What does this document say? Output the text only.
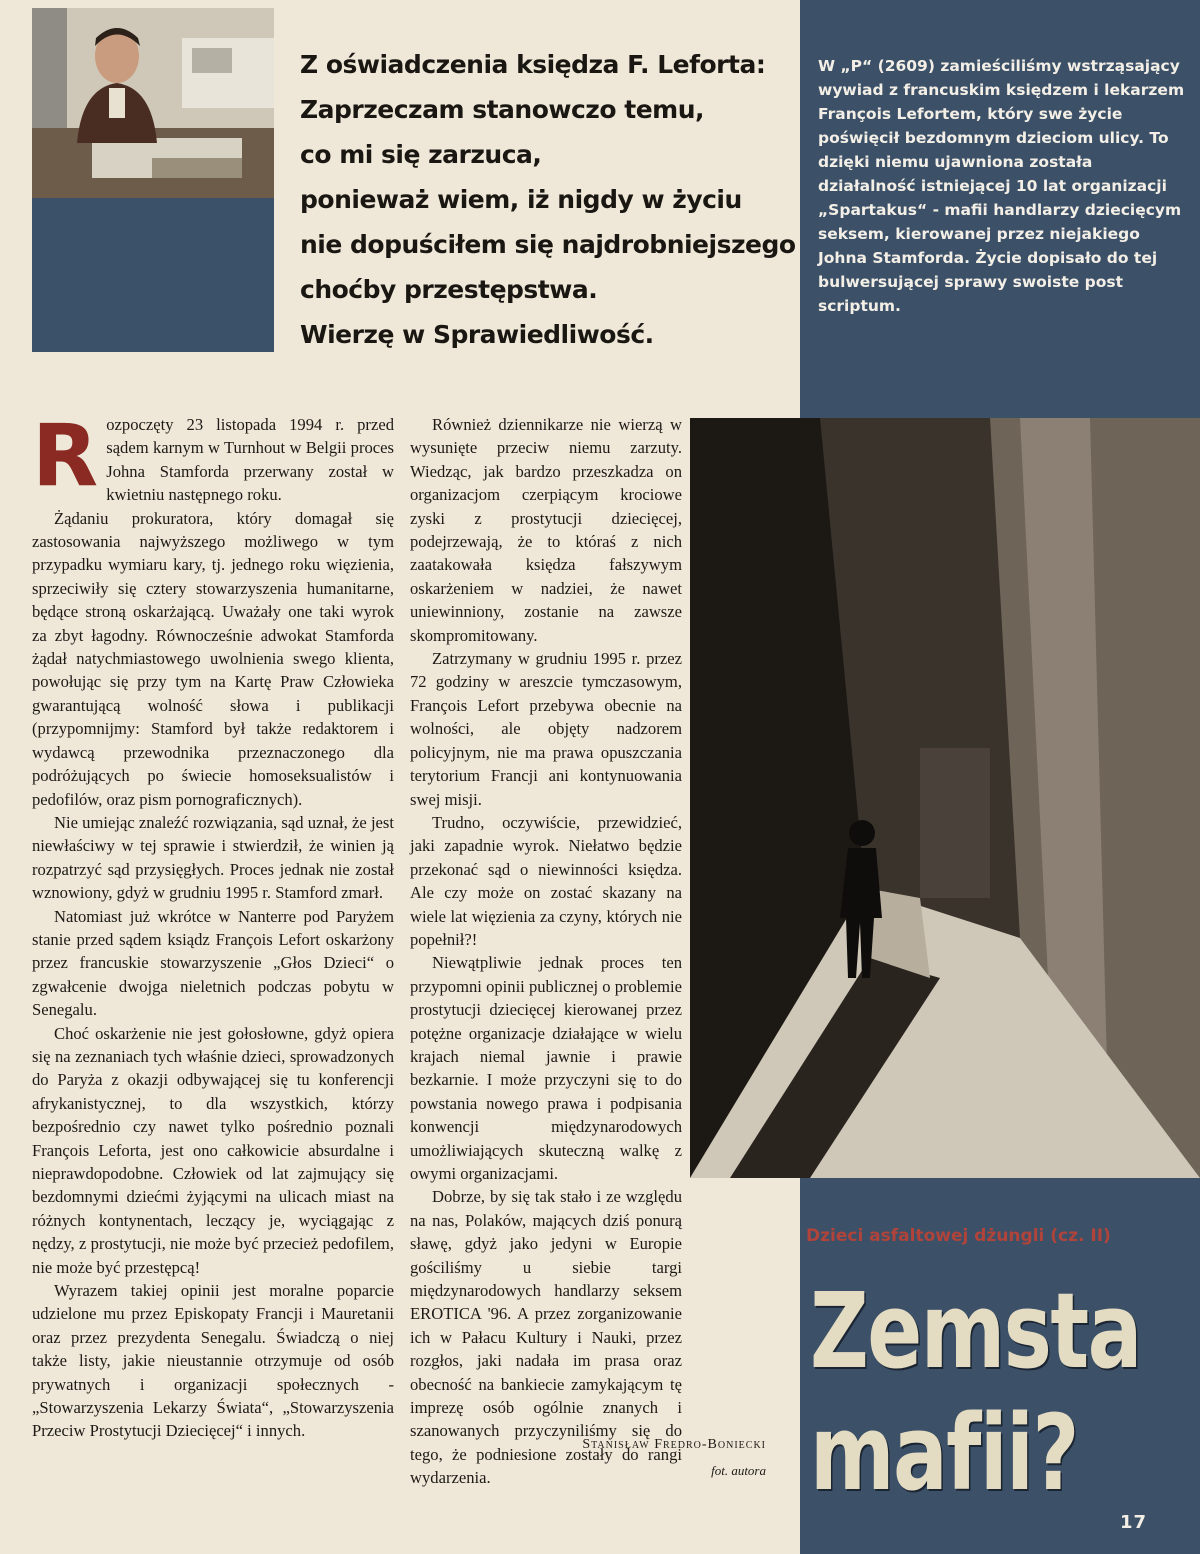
Z oświadczenia księdza F. Leforta:
Zaprzeczam stanowczo temu,
co mi się zarzuca,
ponieważ wiem, iż nigdy w życiu
nie dopuściłem się najdrobniejszego
choćby przestępstwa.
Wierzę w Sprawiedliwość.

W „P“ (2609) zamieściliśmy wstrząsający wywiad z francuskim księdzem i lekarzem François Lefortem, który swe życie poświęcił bezdomnym dzieciom ulicy. To dzięki niemu ujawniona została działalność istniejącej 10 lat organizacji „Spartakus“ - mafii handlarzy dziecięcym seksem, kierowanej przez niejakiego Johna Stamforda. Życie dopisało do tej bulwersującej sprawy swoiste post scriptum.

Rozpoczęty 23 listopada 1994 r. przed sądem karnym w Turnhout w Belgii proces Johna Stamforda przerwany został w kwietniu następnego roku.

Żądaniu prokuratora, który domagał się zastosowania najwyższego możliwego w tym przypadku wymiaru kary, tj. jednego roku więzienia, sprzeciwiły się cztery stowarzyszenia humanitarne, będące stroną oskarżającą. Uważały one taki wyrok za zbyt łagodny. Równocześnie adwokat Stamforda żądał natychmiastowego uwolnienia swego klienta, powołując się przy tym na Kartę Praw Człowieka gwarantującą wolność słowa i publikacji (przypomnijmy: Stamford był także redaktorem i wydawcą przewodnika przeznaczonego dla podróżujących po świecie homoseksualistów i pedofilów, oraz pism pornograficznych).

Nie umiejąc znaleźć rozwiązania, sąd uznał, że jest niewłaściwy w tej sprawie i stwierdził, że winien ją rozpatrzyć sąd przysięgłych. Proces jednak nie został wznowiony, gdyż w grudniu 1995 r. Stamford zmarł.

Natomiast już wkrótce w Nanterre pod Paryżem stanie przed sądem ksiądz François Lefort oskarżony przez francuskie stowarzyszenie „Głos Dzieci“ o zgwałcenie dwojga nieletnich podczas pobytu w Senegalu.

Choć oskarżenie nie jest gołosłowne, gdyż opiera się na zeznaniach tych właśnie dzieci, sprowadzonych do Paryża z okazji odbywającej się tu konferencji afrykanistycznej, to dla wszystkich, którzy bezpośrednio czy nawet tylko pośrednio poznali François Leforta, jest ono całkowicie absurdalne i nieprawdopodobne. Człowiek od lat zajmujący się bezdomnymi dziećmi żyjącymi na ulicach miast na różnych kontynentach, leczący je, wyciągając z nędzy, z prostytucji, nie może być przecież pedofilem, nie może być przestępcą!

Wyrazem takiej opinii jest moralne poparcie udzielone mu przez Episkopaty Francji i Mauretanii oraz przez prezydenta Senegalu. Świadczą o niej także listy, jakie nieustannie otrzymuje od osób prywatnych i organizacji społecznych - „Stowarzyszenia Lekarzy Świata“, „Stowarzyszenia Przeciw Prostytucji Dziecięcej“ i innych.

Również dziennikarze nie wierzą w wysunięte przeciw niemu zarzuty. Wiedząc, jak bardzo przeszkadza on organizacjom czerpiącym krociowe zyski z prostytucji dziecięcej, podejrzewają, że to któraś z nich zaatakowała księdza fałszywym oskarżeniem w nadziei, że nawet uniewinniony, zostanie na zawsze skompromitowany.

Zatrzymany w grudniu 1995 r. przez 72 godziny w areszcie tymczasowym, François Lefort przebywa obecnie na wolności, ale objęty nadzorem policyjnym, nie ma prawa opuszczania terytorium Francji ani kontynuowania swej misji.

Trudno, oczywiście, przewidzieć, jaki zapadnie wyrok. Niełatwo będzie przekonać sąd o niewinności księdza. Ale czy może on zostać skazany na wiele lat więzienia za czyny, których nie popełnił?!

Niewątpliwie jednak proces ten przypomni opinii publicznej o problemie prostytucji dziecięcej kierowanej przez potężne organizacje działające w wielu krajach niemal jawnie i prawie bezkarnie. I może przyczyni się to do powstania nowego prawa i podpisania konwencji międzynarodowych umożliwiających skuteczną walkę z owymi organizacjami.

Dobrze, by się tak stało i ze względu na nas, Polaków, mających dziś ponurą sławę, gdyż jako jedyni w Europie gościliśmy u siebie targi międzynarodowych handlarzy seksem EROTICA '96. A przez zorganizowanie ich w Pałacu Kultury i Nauki, przez rozgłos, jaki nadała im prasa oraz obecność na bankiecie zamykającym tę imprezę osób ogólnie znanych i szanowanych przyczyniliśmy się do tego, że podniesione zostały do rangi wydarzenia.

Stanisław Fredro-Boniecki
fot. autora
Dzieci asfaltowej dżungli (cz. II)
Zemsta
mafii?
17
